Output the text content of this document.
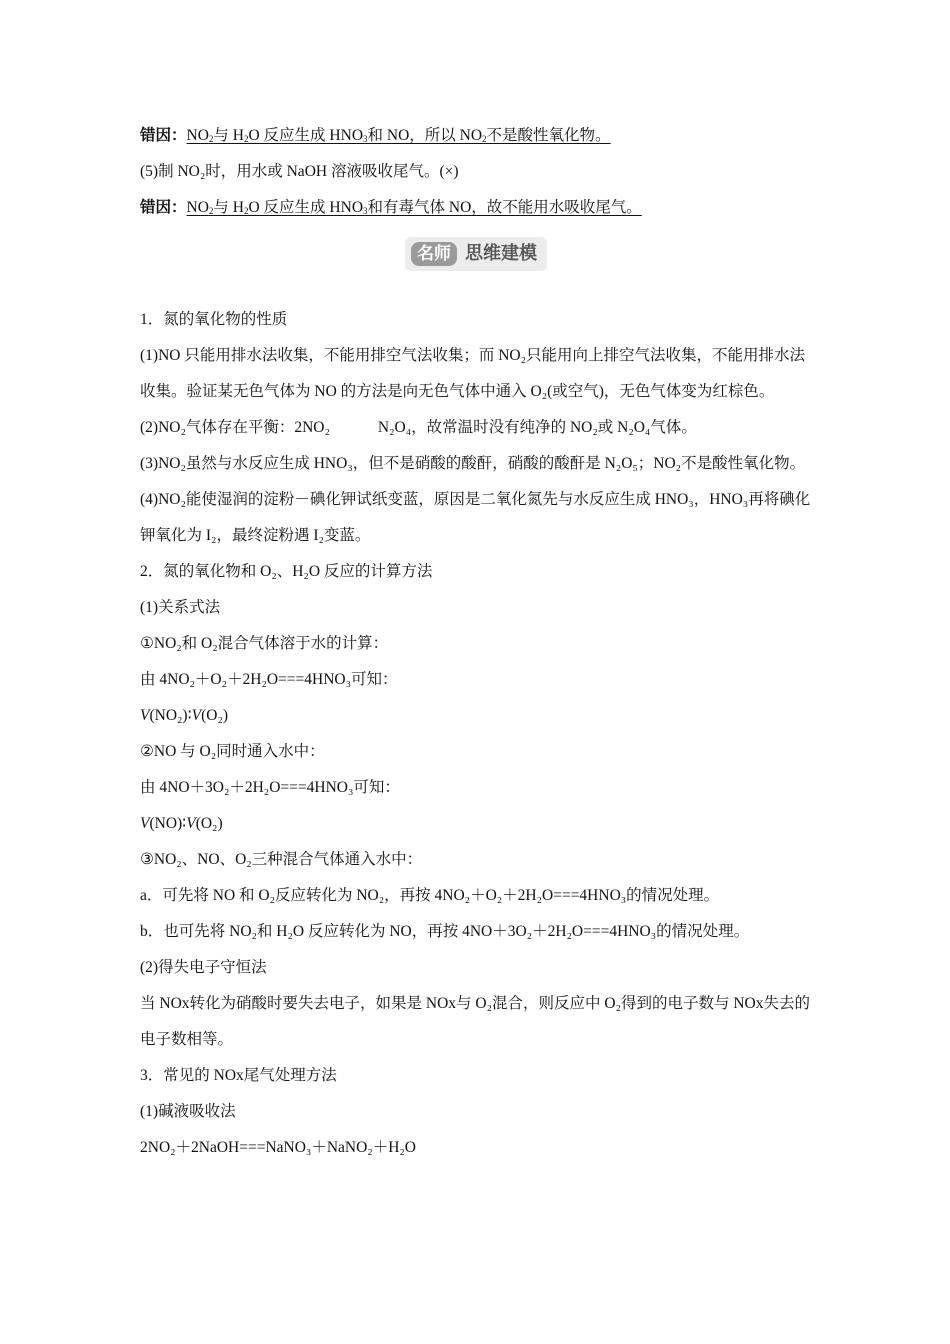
错因：$NO_2$与 $H_2O$ 反应生成 $HNO_3$和 NO，所以 $NO_2$不是酸性氧化物。
(5)制 NO₂时，用水或 NaOH 溶液吸收尾气。(×)
错因：$NO_2$与 $H_2O$ 反应生成 $HNO_3$和有毒气体 NO，故不能用水吸收尾气。
名师 思维建模
1．氮的氧化物的性质
(1)NO 只能用排水法收集，不能用排空气法收集；而 NO₂只能用向上排空气法收集，不能用排水法收集。验证某无色气体为 NO 的方法是向无色气体中通入 O₂(或空气)，无色气体变为红棕色。
(2)NO₂气体存在平衡：2NO₂	N₂O₄，故常温时没有纯净的 NO₂或 N₂O₄气体。
(3)NO₂虽然与水反应生成 HNO₃，但不是硝酸的酸酐，硝酸的酸酐是 N₂O₅；NO₂不是酸性氧化物。
(4)NO₂能使湿润的淀粉－碘化钾试纸变蓝，原因是二氧化氮先与水反应生成 HNO₃，HNO₃再将碘化钾氧化为 I₂，最终淀粉遇 I₂变蓝。
2．氮的氧化物和 O₂、H₂O 反应的计算方法
(1)关系式法
①NO₂和 O₂混合气体溶于水的计算：
由 4NO₂＋O₂＋2H₂O===4HNO₃可知：
V(NO₂)∶V(O₂)
②NO 与 O₂同时通入水中：
由 4NO＋3O₂＋2H₂O===4HNO₃可知：
V(NO)∶V(O₂)
③NO₂、NO、O₂三种混合气体通入水中：
a．可先将 NO 和 O₂反应转化为 NO₂，再按 4NO₂＋O₂＋2H₂O===4HNO₃的情况处理。
b．也可先将 NO₂和 H₂O 反应转化为 NO，再按 4NO＋3O₂＋2H₂O===4HNO₃的情况处理。
(2)得失电子守恒法
当 NOx转化为硝酸时要失去电子，如果是 NOx与 O₂混合，则反应中 O₂得到的电子数与 NOx失去的电子数相等。
3．常见的 NOx尾气处理方法
(1)碱液吸收法
2NO₂＋2NaOH===NaNO₃＋NaNO₂＋H₂O
